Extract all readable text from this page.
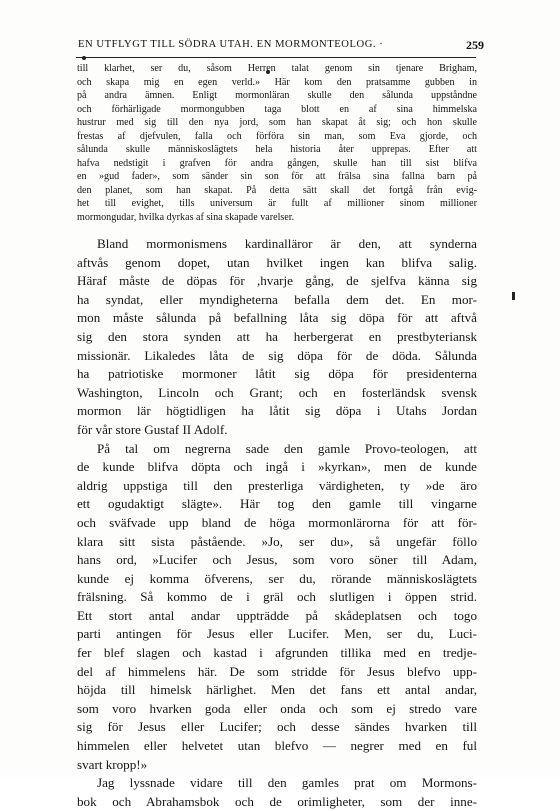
EN UTFLYGT TILL SÖDRA UTAH. EN MORMONTEOLOG. ·	259
till klarhet, ser du, såsom Herren talat genom sin tjenare Brigham,
och skapa mig en egen verld.» Här kom den pratsamme gubben in
på andra ämnen. Enligt mormonläran skulle den sålunda uppståndne
och förhärligade mormongubben taga blott en af sina himmelska
hustrur med sig till den nya jord, som han skapat åt sig; och hon skulle
frestas af djefvulen, falla och förföra sin man, som Eva gjorde, och
sålunda skulle människoslägtets hela historia åter upprepas. Efter att
hafva nedstigit i grafven för andra gången, skulle han till sist blifva
en »gud fader», som sänder sin son för att frälsa sina fallna barn på
den planet, som han skapat. På detta sätt skall det fortgå från evig-
het till evighet, tills universum är fullt af millioner sinom millioner
mormongudar, hvilka dyrkas af sina skapade varelser.
Bland mormonismens kardinalläror är den, att synderna
aftvås genom dopet, utan hvilket ingen kan blifva salig.
Häraf måste de döpas för ,hvarje gång, de sjelfva känna sig
ha syndat, eller myndigheterna befalla dem det. En mor-
mon måste sålunda på befallning låta sig döpa för att aftvå
sig den stora synden att ha herbergerat en prestbyteriansk
missionär. Likaledes låta de sig döpa för de döda. Sålunda
ha patriotiske mormoner låtit sig döpa för presidenterna
Washington, Lincoln och Grant; och en fosterländsk svensk
mormon lär högtidligen ha låtit sig döpa i Utahs Jordan
för vår store Gustaf II Adolf.
På tal om negrerna sade den gamle Provo-teologen, att
de kunde blifva döpta och ingå i »kyrkan», men de kunde
aldrig uppstiga till den presterliga värdigheten, ty »de äro
ett ogudaktigt slägte». Här tog den gamle till vingarne
och sväfvade upp bland de höga mormonlärorna för att för-
klara sitt sista påstående. »Jo, ser du», så ungefär föllo
hans ord, »Lucifer och Jesus, som voro söner till Adam,
kunde ej komma öfverens, ser du, rörande människoslägtets
frälsning. Så kommo de i gräl och slutligen i öppen strid.
Ett stort antal andar uppträdde på skådeplatsen och togo
parti antingen för Jesus eller Lucifer. Men, ser du, Luci-
fer blef slagen och kastad i afgrunden tillika med en tredje-
del af himmelens här. De som stridde för Jesus blefvo upp-
höjda till himelsk härlighet. Men det fans ett antal andar,
som voro hvarken goda eller onda och som ej stredo vare
sig för Jesus eller Lucifer; och desse sändes hvarken till
himmelen eller helvetet utan blefvo — negrer med en ful
svart kropp!»
Jag lyssnade vidare till den gamles prat om Mormons-
bok och Abrahamsbok och de orimligheter, som der inne-
